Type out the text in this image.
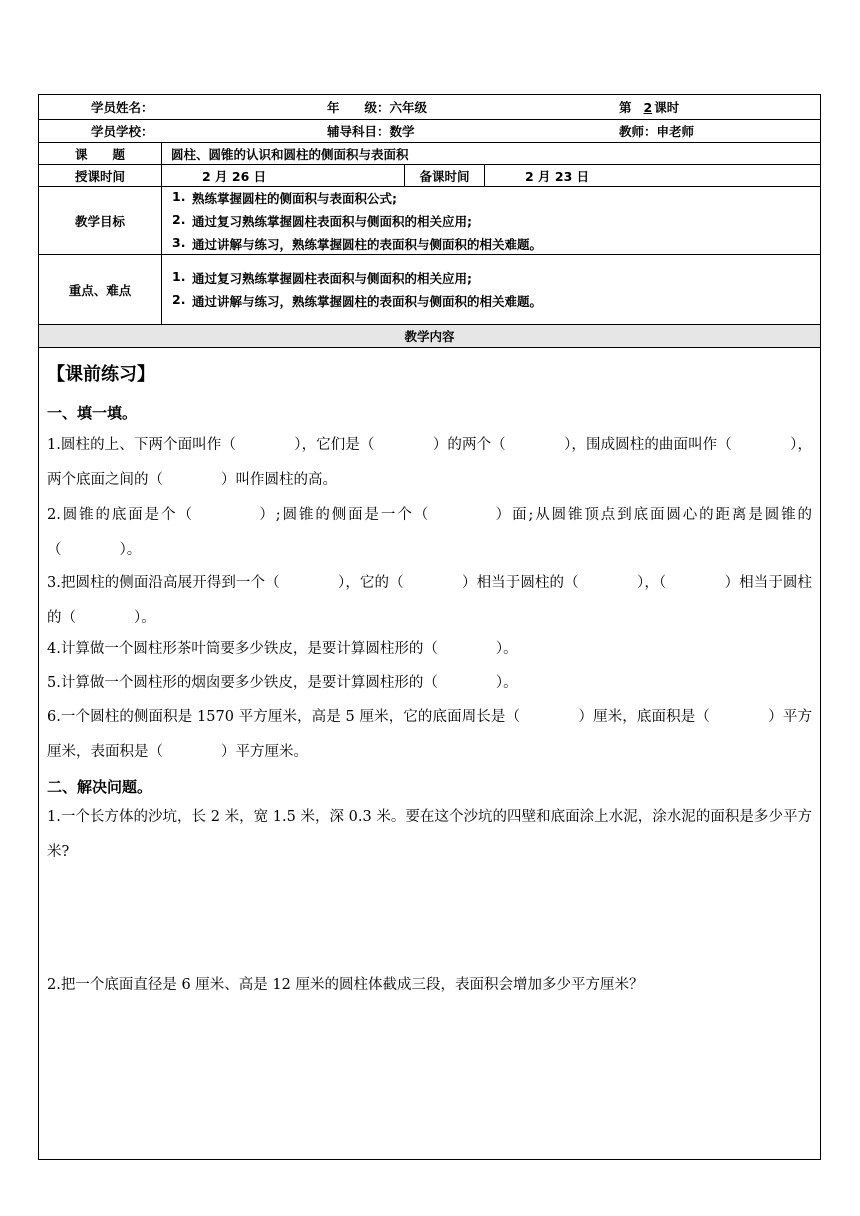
学员姓名：	年　　级：六年级	第 2 课时
学员学校：	辅导科目：数学	教师：申老师
课　　题	圆柱、圆锥的认识和圆柱的侧面积与表面积
授课时间	2 月 26 日	备课时间	2 月 23 日
教学目标
1. 熟练掌握圆柱的侧面积与表面积公式;
2. 通过复习熟练掌握圆柱表面积与侧面积的相关应用;
3. 通过讲解与练习，熟练掌握圆柱的表面积与侧面积的相关难题。
重点、难点
1. 通过复习熟练掌握圆柱表面积与侧面积的相关应用;
2. 通过讲解与练习，熟练掌握圆柱的表面积与侧面积的相关难题。
教学内容
【课前练习】
一、填一填。
1.圆柱的上、下两个面叫作（　　　　），它们是（　　　　）的两个（　　　　），围成圆柱的曲面叫作（　　　　），两个底面之间的（　　　　）叫作圆柱的高。
2.圆锥的底面是个（　　　　）;圆锥的侧面是一个（　　　　）面;从圆锥顶点到底面圆心的距离是圆锥的（　　　　）。
3.把圆柱的侧面沿高展开得到一个（　　　　），它的（　　　　）相当于圆柱的（　　　　），（　　　　）相当于圆柱的（　　　　）。
4.计算做一个圆柱形茶叶筒要多少铁皮，是要计算圆柱形的（　　　　）。
5.计算做一个圆柱形的烟囱要多少铁皮，是要计算圆柱形的（　　　　）。
6.一个圆柱的侧面积是 1570 平方厘米，高是 5 厘米，它的底面周长是（　　　　）厘米，底面积是（　　　　）平方厘米，表面积是（　　　　）平方厘米。
二、解决问题。
1.一个长方体的沙坑，长 2 米，宽 1.5 米，深 0.3 米。要在这个沙坑的四壁和底面涂上水泥，涂水泥的面积是多少平方米?
2.把一个底面直径是 6 厘米、高是 12 厘米的圆柱体截成三段，表面积会增加多少平方厘米？
